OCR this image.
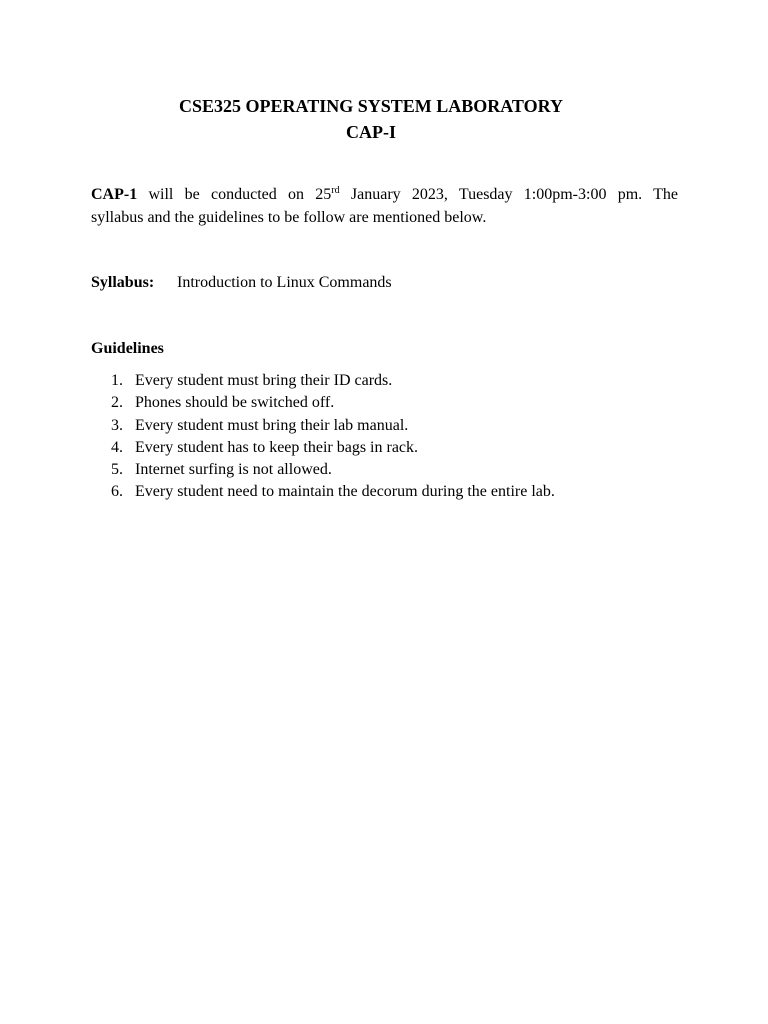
CSE325 OPERATING SYSTEM LABORATORY
CAP-I
CAP-1 will be conducted on 25rd January 2023, Tuesday 1:00pm-3:00 pm. The
syllabus and the guidelines to be follow are mentioned below.
Syllabus: Introduction to Linux Commands
Guidelines
1. Every student must bring their ID cards.
2. Phones should be switched off.
3. Every student must bring their lab manual.
4. Every student has to keep their bags in rack.
5. Internet surfing is not allowed.
6. Every student need to maintain the decorum during the entire lab.
